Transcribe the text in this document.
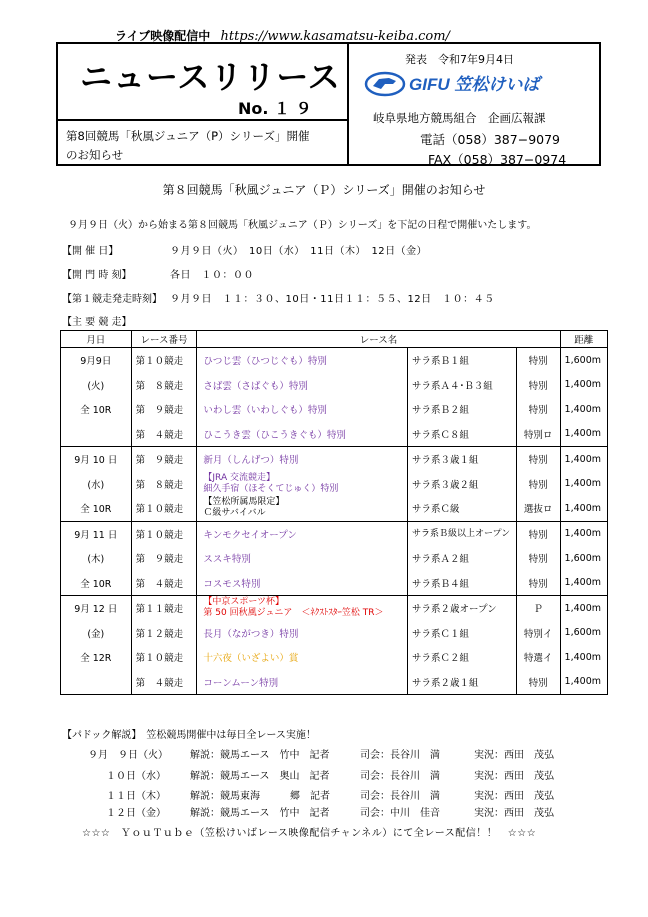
ライブ映像配信中 https://www.kasamatsu-keiba.com/
ニュースリリース
No. １ ９
第8回競馬「秋風ジュニア（P）シリーズ」開催
のお知らせ
発表　令和7年9月4日
GIFU 笠松けいば
岐阜県地方競馬組合　企画広報課
電話（058）387−9079
FAX（058）387−0974
第８回競馬「秋風ジュニア（Ｐ）シリーズ」開催のお知らせ
９月９日（火）から始まる第８回競馬「秋風ジュニア（Ｐ）シリーズ」を下記の日程で開催いたします。
【開 催 日】	９月９日（火）　10日（水）　11日（木）　12日（金）
【開 門 時 刻】	各日　１０：００
【第１競走発走時刻】 ９月９日　１１：３０、10日・11日１１：５５、12日　１０：４５
【主 要 競 走】
月日	レース番号	レース名			距離
9月9日	第１０競走	ひつじ雲（ひつじぐも）特別	サラ系Ｂ１組	特別	1,600m
(火)	第　８競走	さば雲（さばぐも）特別	サラ系Ａ４･Ｂ３組	特別	1,400m
全 10R	第　９競走	いわし雲（いわしぐも）特別	サラ系Ｂ２組	特別	1,400m
	第　４競走	ひこうき雲（ひこうきぐも）特別	サラ系Ｃ８組	特別ロ	1,400m
9月 10 日	第　９競走	新月（しんげつ）特別	サラ系３歳１組	特別	1,400m
(水)	第　８競走	【JRA 交流競走】
細久手宿（ほそくてじゅく）特別	サラ系３歳２組	特別	1,400m
全 10R	第１０競走	【笠松所属馬限定】
Ｃ級サバイバル	サラ系Ｃ級	選抜ロ	1,400m
9月 11 日	第１０競走	キンモクセイオープン	サラ系Ｂ級以上オープン	特別	1,400m
(木)	第　９競走	ススキ特別	サラ系Ａ２組	特別	1,600m
全 10R	第　４競走	コスモス特別	サラ系Ｂ４組	特別	1,400m
9月 12 日	第１１競走	【中京スポーツ杯】
第 50 回秋風ジュニア　＜ﾈｸｽﾄｽﾀｰ笠松 TR＞	サラ系２歳オープン	Ｐ	1,400m
(金)	第１２競走	長月（ながつき）特別	サラ系Ｃ１組	特別イ	1,600m
全 12R	第１０競走	十六夜（いざよい）賞	サラ系Ｃ２組	特選イ	1,400m
	第　４競走	コーンムーン特別	サラ系２歳１組	特別	1,400m
【パドック解説】　笠松競馬開催中は毎日全レース実施！
９月　９日（火） 解説：競馬エース　竹中　記者	司会：長谷川　満	実況：西田　茂弘
１０日（水） 解説：競馬エース　奥山　記者	司会：長谷川　満	実況：西田　茂弘
１１日（木） 解説：競馬東海　　　郷　記者	司会：長谷川　満	実況：西田　茂弘
１２日（金） 解説：競馬エース　竹中　記者	司会：中川　佳音	実況：西田　茂弘
☆☆☆　ＹｏｕＴｕｂｅ（笠松けいばレース映像配信チャンネル）にて全レース配信！！　☆☆☆
